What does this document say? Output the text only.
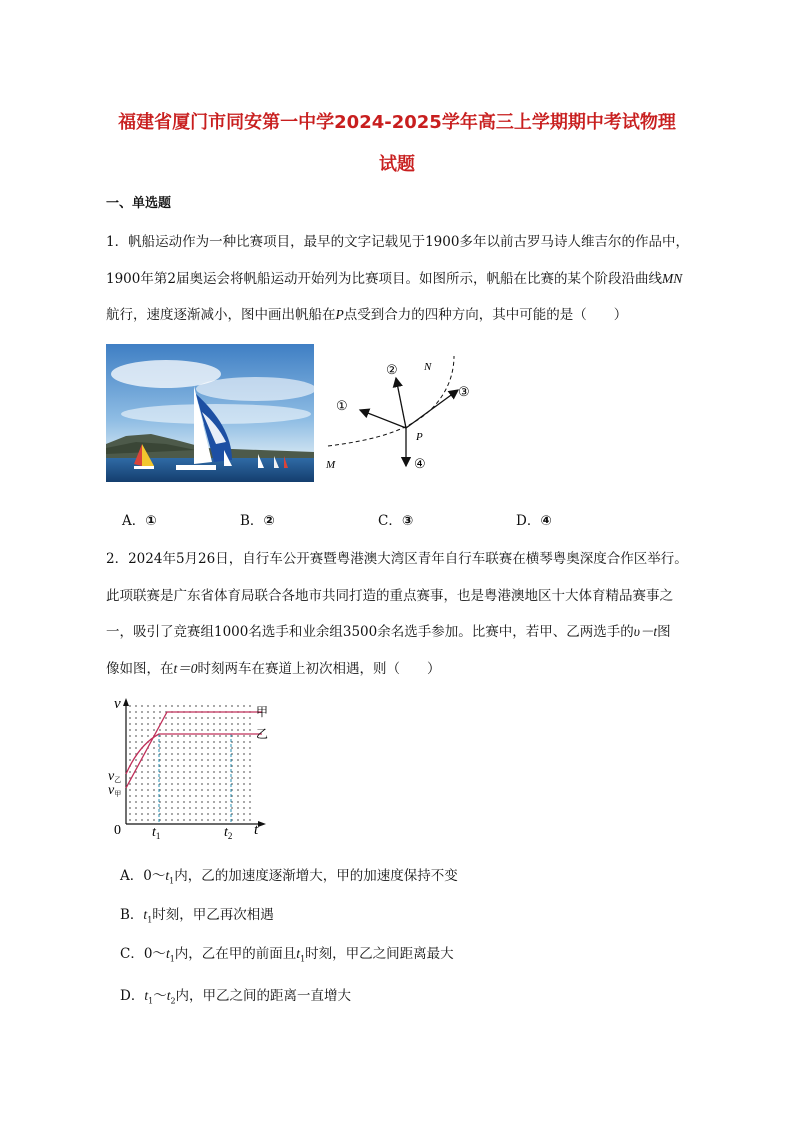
福建省厦门市同安第一中学2024-2025学年高三上学期期中考试物理
试题
一、单选题
1．帆船运动作为一种比赛项目，最早的文字记载见于1900多年以前古罗马诗人维吉尔的作品中，
1900年第2届奥运会将帆船运动开始列为比赛项目。如图所示，帆船在比赛的某个阶段沿曲线MN
航行，速度逐渐减小，图中画出帆船在P点受到合力的四种方向，其中可能的是（　　）
①
②
③
④
N
M
P
A．①	B．②	C．③	D．④
2．2024年5月26日，自行车公开赛暨粤港澳大湾区青年自行车联赛在横琴粤奥深度合作区举行。
此项联赛是广东省体育局联合各地市共同打造的重点赛事，也是粤港澳地区十大体育精品赛事之
一，吸引了竞赛组1000名选手和业余组3500余名选手参加。比赛中，若甲、乙两选手的υ－t图
像如图，在t＝0时刻两车在赛道上初次相遇，则（　　）
v
t
0 $t_1$	$t_2$
v乙
v甲
甲
乙
A．$0\sim t_1$内，乙的加速度逐渐增大，甲的加速度保持不变
B．$t_1$时刻，甲乙再次相遇
C．$0\sim t_1$内，乙在甲的前面且$t_1$时刻，甲乙之间距离最大
D．$t_1\sim t_2$内，甲乙之间的距离一直增大
